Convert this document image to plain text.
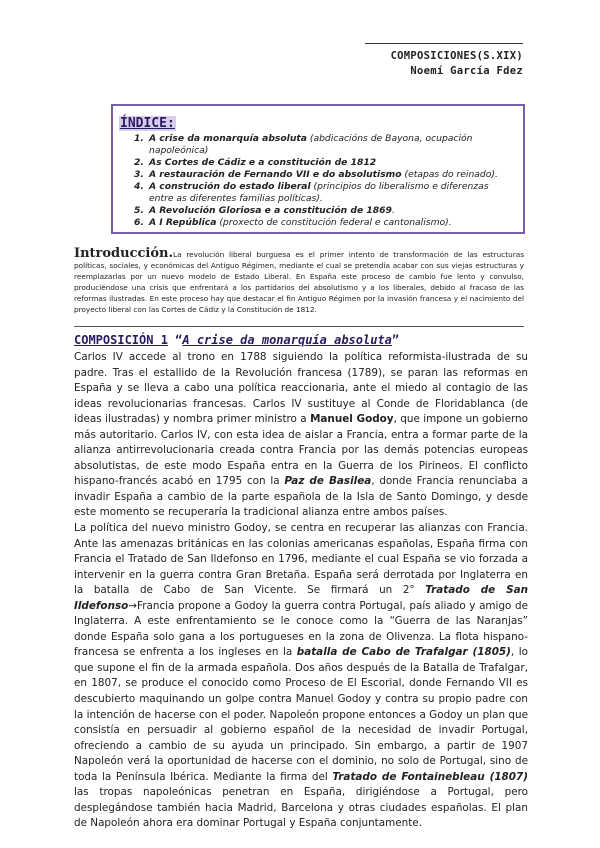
COMPOSICIONES(S.XIX)
Noemí García Fdez
ÍNDICE:
1. A crise da monarquía absoluta (abdicacións de Bayona, ocupación napoleónica)
2. As Cortes de Cádiz e a constitución de 1812
3. A restauración de Fernando VII e do absolutismo (etapas do reinado).
4. A construción do estado liberal (principios do liberalismo e diferenzas entre as diferentes familias políticas).
5. A Revolución Gloriosa e a constitución de 1869.
6. A I República (proxecto de constitución federal e cantonalismo).
Introducción.La revolución liberal burguesa es el primer intento de transformación de las estructuras políticas, sociales, y económicas del Antiguo Régimen, mediante el cual se pretendía acabar con sus viejas estructuras y reemplazarlas por un nuevo modelo de Estado Liberal. En España este proceso de cambio fue lento y convulso, produciéndose una crisis que enfrentará a los partidarios del absolutismo y a los liberales, debido al fracaso de las reformas ilustradas. En este proceso hay que destacar el fin Antiguo Régimen por la invasión francesa y el nacimiento del proyecto liberal con las Cortes de Cádiz y la Constitución de 1812.
COMPOSICIÓN 1 “A crise da monarquía absoluta”

Carlos IV accede al trono en 1788 siguiendo la política reformista-ilustrada de su padre. Tras el estallido de la Revolución francesa (1789), se paran las reformas en España y se lleva a cabo una política reaccionaria, ante el miedo al contagio de las ideas revolucionarias francesas. Carlos IV sustituye al Conde de Floridablanca (de ideas ilustradas) y nombra primer ministro a Manuel Godoy, que impone un gobierno más autoritario. Carlos IV, con esta idea de aislar a Francia, entra a formar parte de la alianza antirrevolucionaria creada contra Francia por las demás potencias europeas absolutistas, de este modo España entra en la Guerra de los Pirineos. El conflicto hispano-francés acabó en 1795 con la Paz de Basilea, donde Francia renunciaba a invadir España a cambio de la parte española de la Isla de Santo Domingo, y desde este momento se recuperaría la tradicional alianza entre ambos países.

La política del nuevo ministro Godoy, se centra en recuperar las alianzas con Francia. Ante las amenazas británicas en las colonias americanas españolas, España firma con Francia el Tratado de San Ildefonso en 1796, mediante el cual España se vio forzada a intervenir en la guerra contra Gran Bretaña. España será derrotada por Inglaterra en la batalla de Cabo de San Vicente. Se firmará un 2° Tratado de San Ildefonso→Francia propone a Godoy la guerra contra Portugal, país aliado y amigo de Inglaterra. A este enfrentamiento se le conoce como la “Guerra de las Naranjas” donde España solo gana a los portugueses en la zona de Olivenza. La flota hispano-francesa se enfrenta a los ingleses en la batalla de Cabo de Trafalgar (1805), lo que supone el fin de la armada española. Dos años después de la Batalla de Trafalgar, en 1807, se produce el conocido como Proceso de El Escorial, donde Fernando VII es descubierto maquinando un golpe contra Manuel Godoy y contra su propio padre con la intención de hacerse con el poder. Napoleón propone entonces a Godoy un plan que consistía en persuadir al gobierno español de la necesidad de invadir Portugal, ofreciendo a cambio de su ayuda un principado. Sin embargo, a partir de 1907 Napoleón verá la oportunidad de hacerse con el dominio, no solo de Portugal, sino de toda la Península Ibérica. Mediante la firma del Tratado de Fontainebleau (1807) las tropas napoleónicas penetran en España, dirigiéndose a Portugal, pero desplegándose también hacia Madrid, Barcelona y otras ciudades españolas. El plan de Napoleón ahora era dominar Portugal y España conjuntamente.
